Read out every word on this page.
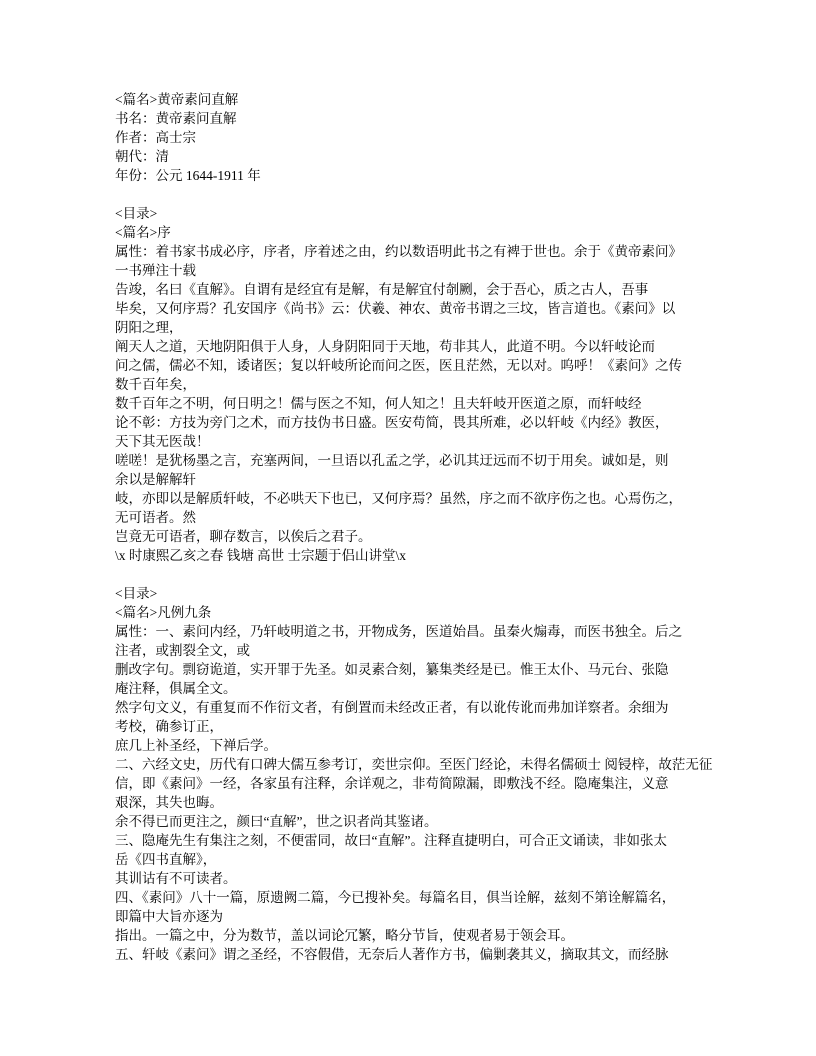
<篇名>黄帝素问直解
书名：黄帝素问直解
作者：高士宗
朝代：清
年份：公元 1644-1911 年
<目录>
<篇名>序
属性：着书家书成必序，序者，序着述之由，约以数语明此书之有裨于世也。余于《黄帝素问》
一书殚注十载
告竣，名曰《直解》。自谓有是经宜有是解，有是解宜付剞劂，会于吾心，质之古人，吾事
毕矣，又何序焉？孔安国序《尚书》云：伏羲、神农、黄帝书谓之三坟，皆言道也。《素问》以
阴阳之理，
阐天人之道，天地阴阳俱于人身，人身阴阳同于天地，苟非其人，此道不明。今以轩岐论而
问之儒，儒必不知，诿诸医；复以轩岐所论而问之医，医且茫然，无以对。呜呼！《素问》之传
数千百年矣，
数千百年之不明，何日明之！儒与医之不知，何人知之！且夫轩岐开医道之原，而轩岐经
论不彰：方技为旁门之术，而方技伪书日盛。医安苟简，畏其所难，必以轩岐《内经》教医，
天下其无医哉！
嗟嗟！是犹杨墨之言，充塞两间，一旦语以孔孟之学，必讥其迂远而不切于用矣。诚如是，则
余以是解解轩
岐，亦即以是解质轩岐，不必哄天下也已，又何序焉？虽然，序之而不欲序伤之也。心焉伤之，
无可语者。然
岂竟无可语者，聊存数言，以俟后之君子。
\x 时康熙乙亥之春 钱塘 高世 士宗题于侣山讲堂\x
<目录>
<篇名>凡例九条
属性：一、素问内经，乃轩岐明道之书，开物成务，医道始昌。虽秦火煽毒，而医书独全。后之
注者，或割裂全文，或
删改字句。剽窃诡道，实开罪于先圣。如灵素合刻，纂集类经是已。惟王太仆、马元台、张隐
庵注释，俱属全文。
然字句文义，有重复而不作衍文者，有倒置而未经改正者，有以讹传讹而弗加详察者。余细为
考校，确参订正，
庶几上补圣经，下禅后学。
二、六经文史，历代有口碑大儒互参考订，奕世宗仰。至医门经论，未得名儒硕士 阅锓梓，故茫无征
信，即《素问》一经，各家虽有注释，余详观之，非苟简隙漏，即敷浅不经。隐庵集注，义意
艰深，其失也晦。
余不得已而更注之，颜曰“直解”，世之识者尚其鉴诸。
三、隐庵先生有集注之刻，不便雷同，故曰“直解”。注释直捷明白，可合正文诵读，非如张太
岳《四书直解》，
其训诂有不可读者。
四、《素问》八十一篇，原遗阙二篇，今已搜补矣。每篇名目，俱当诠解，兹刻不第诠解篇名，
即篇中大旨亦逐为
指出。一篇之中，分为数节，盖以词论冗繁，略分节旨，使观者易于领会耳。
五、轩岐《素问》谓之圣经，不容假借，无奈后人著作方书，偏剿袭其义，摘取其文，而经脉
